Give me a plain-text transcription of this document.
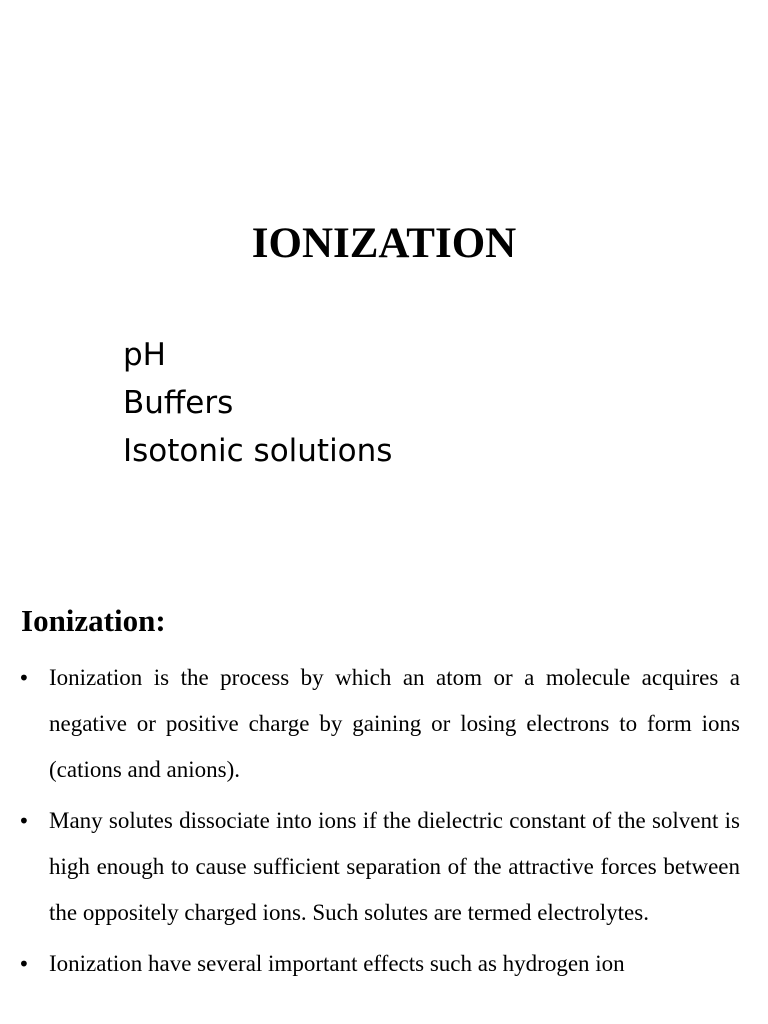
IONIZATION
pH
Buffers
Isotonic solutions
Ionization:
• Ionization is the process by which an atom or a molecule acquires a negative or positive charge by gaining or losing electrons to form ions (cations and anions).
• Many solutes dissociate into ions if the dielectric constant of the solvent is high enough to cause sufficient separation of the attractive forces between the oppositely charged ions. Such solutes are termed electrolytes.
• Ionization have several important effects such as hydrogen ion
